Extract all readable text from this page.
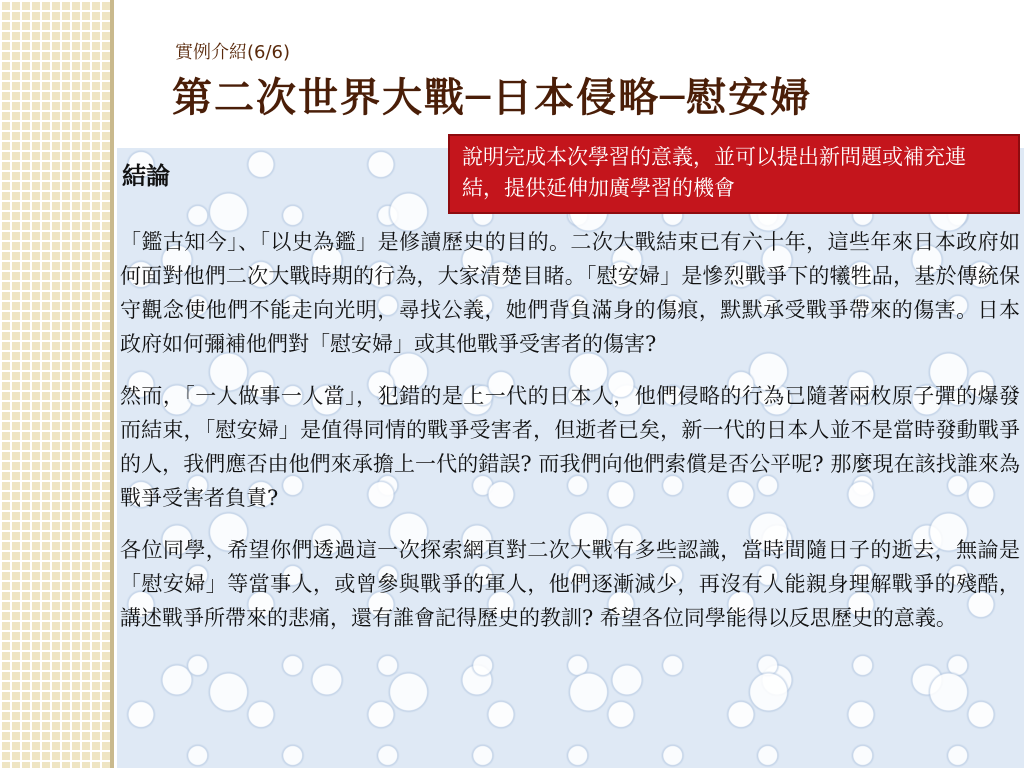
實例介紹(6/6)
第二次世界大戰─日本侵略─慰安婦
結論
說明完成本次學習的意義，並可以提出新問題或補充連結，提供延伸加廣學習的機會

「鑑古知今」、「以史為鑑」是修讀歷史的目的。二次大戰結束已有六十年，這些年來日本政府如何面對他們二次大戰時期的行為，大家清楚目睹。「慰安婦」是慘烈戰爭下的犧牲品，基於傳統保守觀念使他們不能走向光明，尋找公義，她們背負滿身的傷痕，默默承受戰爭帶來的傷害。日本政府如何彌補他們對「慰安婦」或其他戰爭受害者的傷害?

然而，「一人做事一人當」，犯錯的是上一代的日本人，他們侵略的行為已隨著兩枚原子彈的爆發而結束，「慰安婦」是值得同情的戰爭受害者，但逝者已矣，新一代的日本人並不是當時發動戰爭的人，我們應否由他們來承擔上一代的錯誤? 而我們向他們索償是否公平呢? 那麼現在該找誰來為戰爭受害者負責?

各位同學，希望你們透過這一次探索網頁對二次大戰有多些認識，當時間隨日子的逝去，無論是「慰安婦」等當事人，或曾參與戰爭的軍人，他們逐漸減少，再沒有人能親身理解戰爭的殘酷，講述戰爭所帶來的悲痛，還有誰會記得歷史的教訓? 希望各位同學能得以反思歷史的意義。
